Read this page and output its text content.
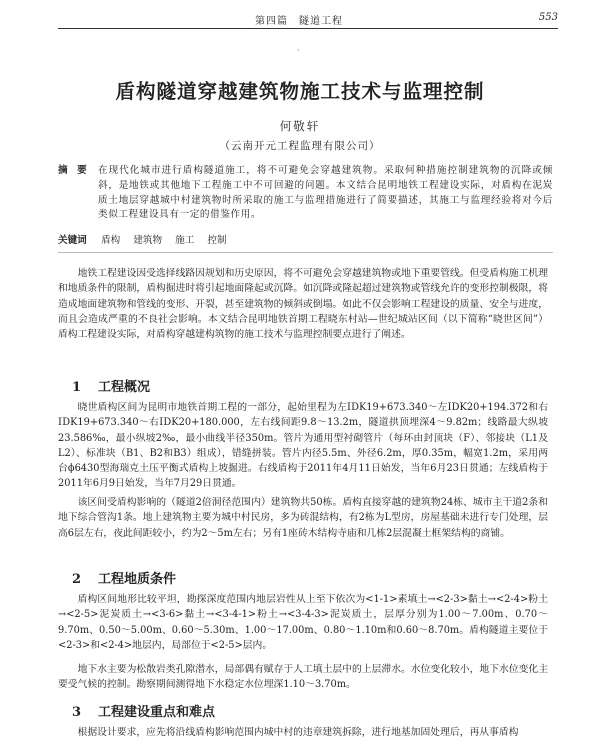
第四篇　隧道工程	553
·
盾构隧道穿越建筑物施工技术与监理控制
何敬轩
（云南开元工程监理有限公司）
摘　要	在现代化城市进行盾构隧道施工，将不可避免会穿越建筑物。采取何种措施控制建筑物的沉降或倾斜，是地铁或其他地下工程施工中不可回避的问题。本文结合昆明地铁工程建设实际，对盾构在泥炭质土地层穿越城中村建筑物时所采取的施工与监理措施进行了简要描述，其施工与监理经验将对今后类似工程建设具有一定的借鉴作用。
关键词 盾构 建筑物 施工 控制

地铁工程建设因受选择线路因规划和历史原因，将不可避免会穿越建筑物或地下重要管线。但受盾构施工机理和地质条件的限制，盾构掘进时将引起地面隆起或沉降。如沉降或隆起超过建筑物或管线允许的变形控制极限，将造成地面建筑物和管线的变形、开裂，甚至建筑物的倾斜或倒塌。如此不仅会影响工程建设的质量、安全与进度，而且会造成严重的不良社会影响。本文结合昆明地铁首期工程晓东村站—世纪城站区间（以下简称“晓世区间”）盾构工程建设实际，对盾构穿越建构筑物的施工技术与监理控制要点进行了阐述。

1 工程概况

晓世盾构区间为昆明市地铁首期工程的一部分，起始里程为左ⅠDK19+673.340～左ⅠDK20+194.372和右ⅠDK19+673.340～右ⅠDK20+180.000，左右线间距9.8～13.2m，隧道拱顶埋深4～9.82m；线路最大纵坡23.586‰，最小纵坡2‰，最小曲线半径350m。管片为通用型衬砌管片（每环由封顶块（F）、邻接块（L1及L2）、标准块（B1、B2和B3）组成），错缝拼装。管片内径5.5m、外径6.2m，厚0.35m，幅宽1.2m，采用两台ϕ6430型海瑞克土压平衡式盾构上坡掘进。右线盾构于2011年4月11日始发，当年6月23日贯通；左线盾构于2011年6月9日始发，当年7月29日贯通。

该区间受盾构影响的（隧道2倍洞径范围内）建筑物共50栋。盾构直接穿越的建筑物24栋、城市主干道2条和地下综合管沟1条。地上建筑物主要为城中村民房，多为砖混结构，有2栋为L型房，房屋基础未进行专门处理，层高6层左右，夜此间距较小，约为2～5m左右；另有1座砖木结构寺庙和几栋2层混凝土框架结构的商铺。

2 工程地质条件

盾构区间地形比较平坦，勘探深度范围内地层岩性从上至下依次为<1-1>素填土→<2-3>黏土→<2-4>粉土→<2-5>泥炭质土→<3-6>黏土→<3-4-1>粉土→<3-4-3>泥炭质土，层厚分别为1.00～7.00m、0.70～9.70m、0.50～5.00m、0.60～5.30m、1.00～17.00m、0.80～1.10m和0.60～8.70m。盾构隧道主要位于<2-3>和<2-4>地层内，局部位于<2-5>层内。

地下水主要为松散岩类孔隙潜水，局部偶有赋存于人工填土层中的上层滞水。水位变化较小，地下水位变化主要受气候的控制。勘察期间测得地下水稳定水位埋深1.10～3.70m。

3 工程建设重点和难点

根据设计要求，应先将沿线盾构影响范围内城中村的违章建筑拆除，进行地基加固处理后，再从事盾构
